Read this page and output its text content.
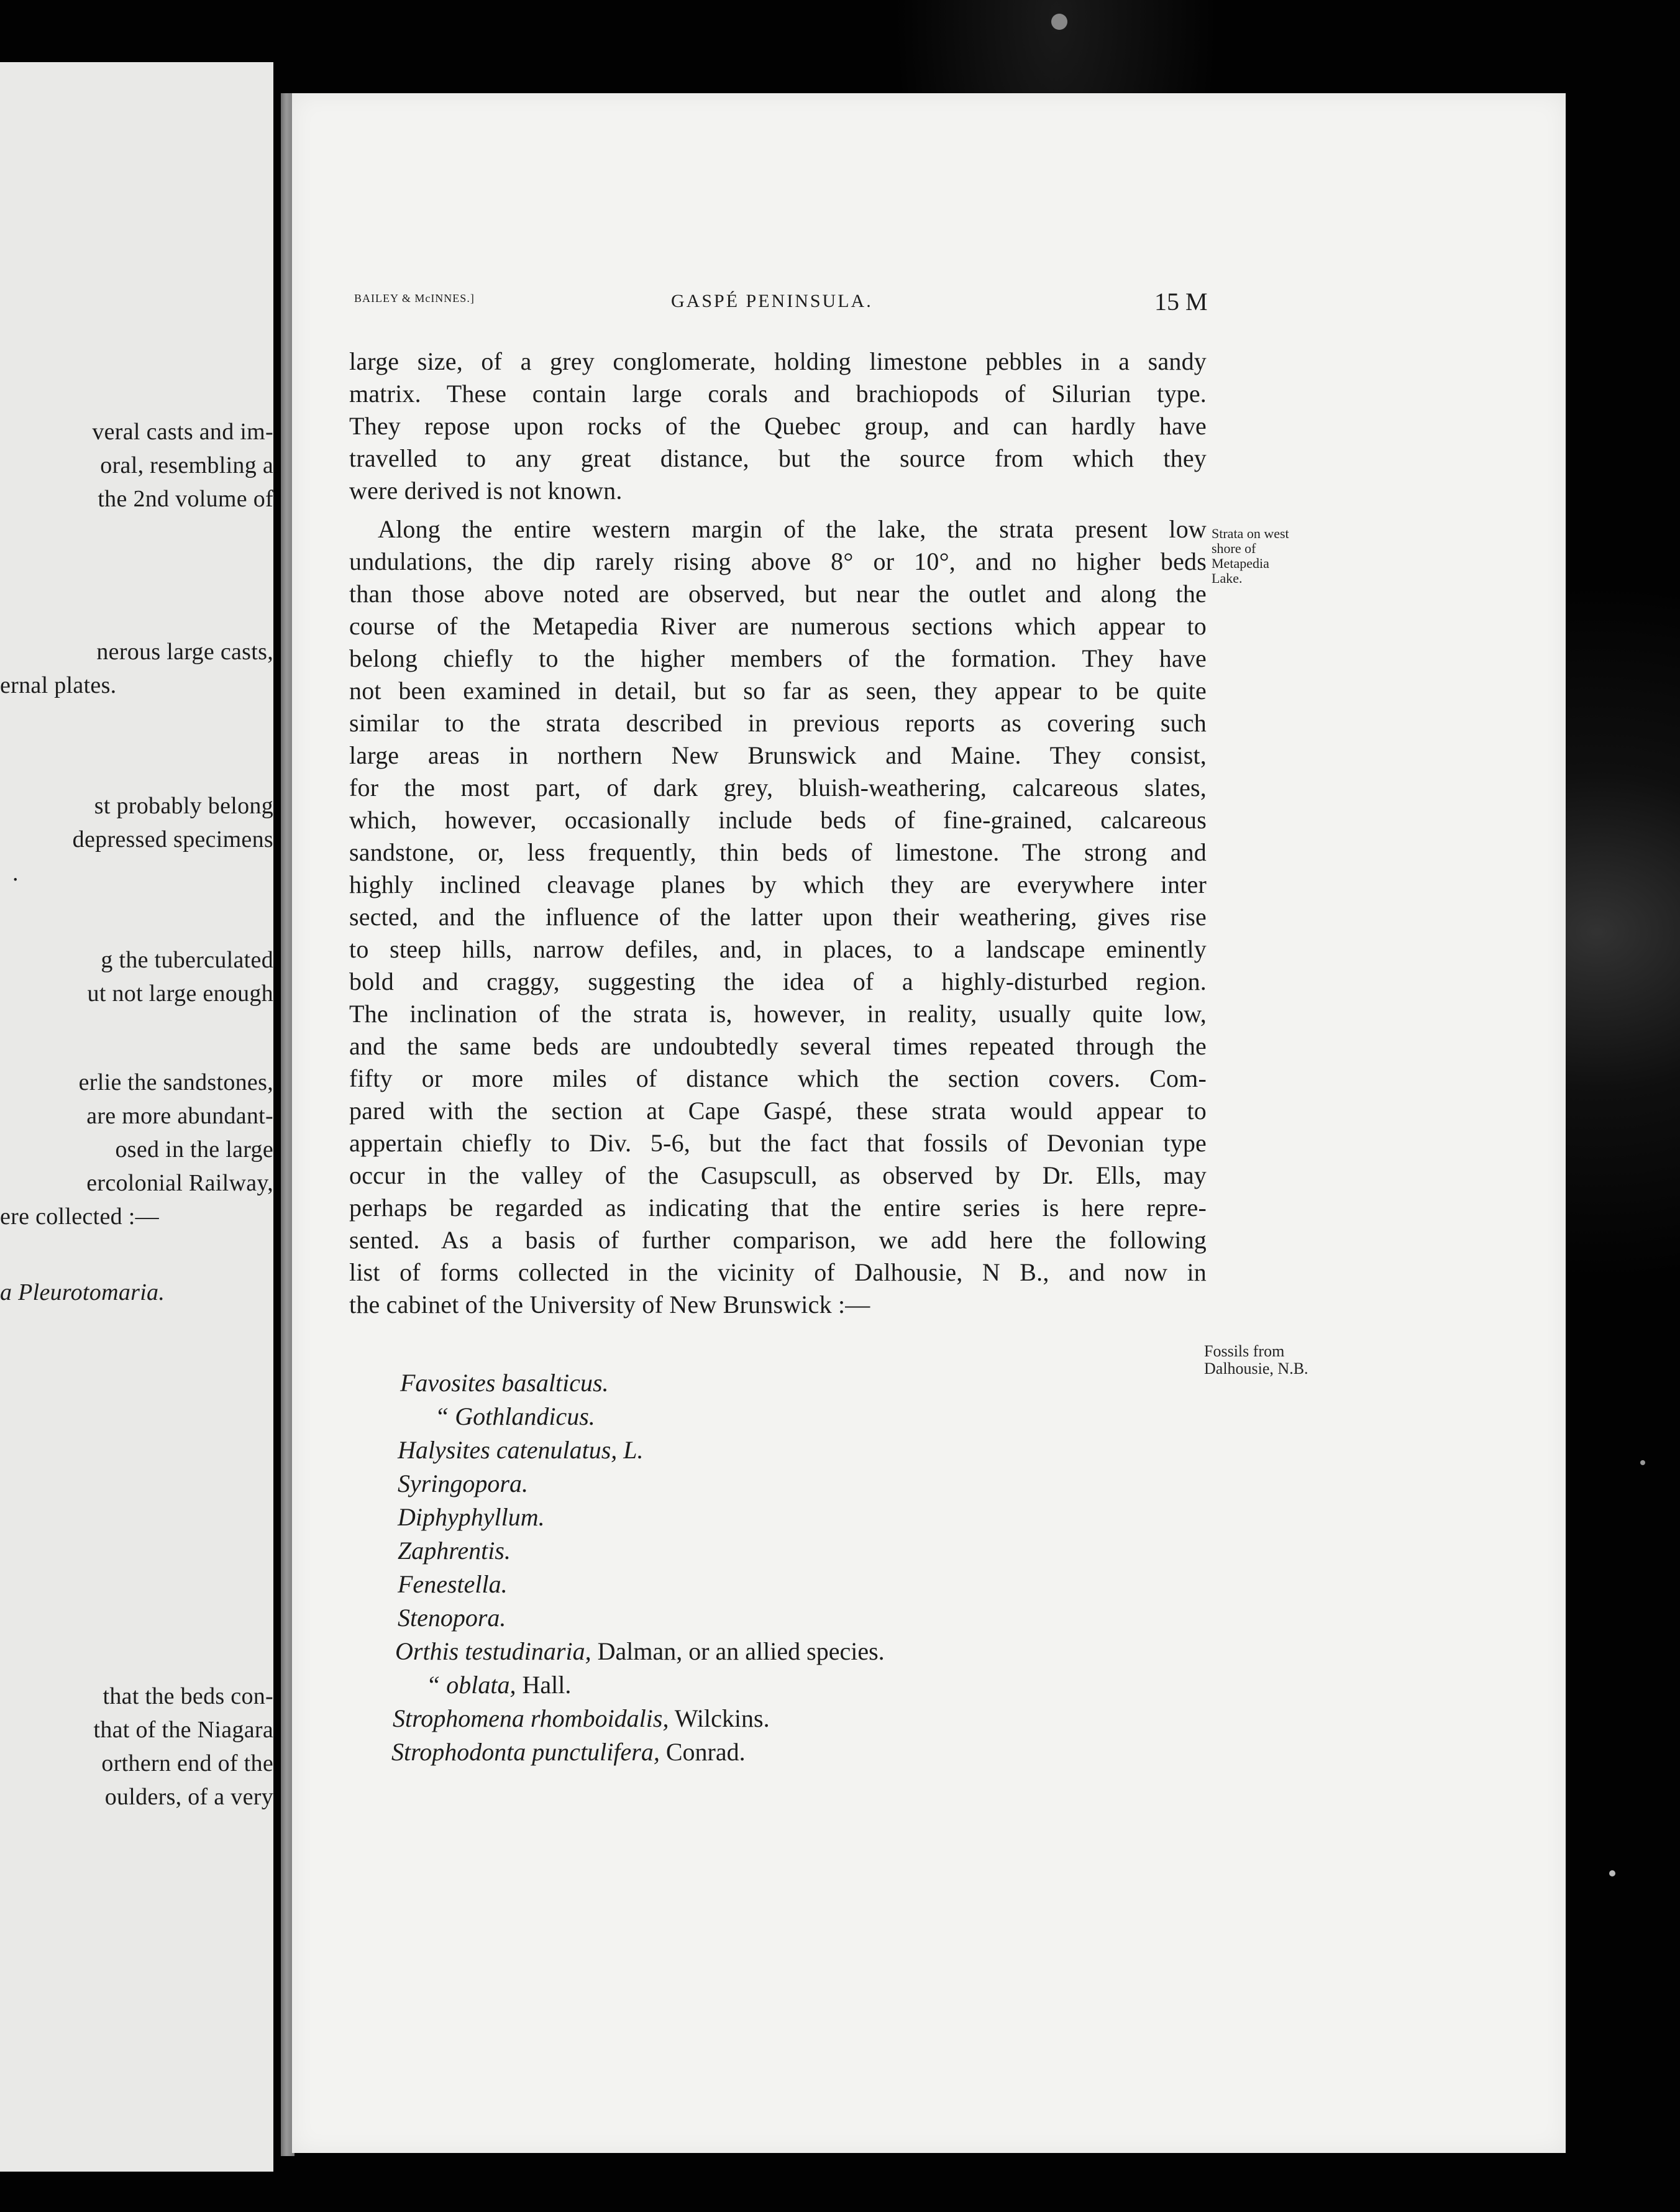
veral casts and im-
oral, resembling a
the 2nd volume of
nerous large casts,
ernal plates.
st probably belong
depressed specimens
.
g the tuberculated
ut not large enough
erlie the sandstones,
are more abundant-
osed in the large
ercolonial Railway,
ere collected :—
a Pleurotomaria.
that the beds con-
that of the Niagara
orthern end of the
oulders, of a very
BAILEY & McINNES.]	GASPÉ PENINSULA.	15 M
large size, of a grey conglomerate, holding limestone pebbles in a sandy
matrix. These contain large corals and brachiopods of Silurian type.
They repose upon rocks of the Quebec group, and can hardly have
travelled to any great distance, but the source from which they
were derived is not known.
Along the entire western margin of the lake, the strata present low
undulations, the dip rarely rising above 8° or 10°, and no higher beds
than those above noted are observed, but near the outlet and along the
course of the Metapedia River are numerous sections which appear to
belong chiefly to the higher members of the formation. They have
not been examined in detail, but so far as seen, they appear to be quite
similar to the strata described in previous reports as covering such
large areas in northern New Brunswick and Maine. They consist,
for the most part, of dark grey, bluish-weathering, calcareous slates,
which, however, occasionally include beds of fine-grained, calcareous
sandstone, or, less frequently, thin beds of limestone. The strong and
highly inclined cleavage planes by which they are everywhere inter
sected, and the influence of the latter upon their weathering, gives rise
to steep hills, narrow defiles, and, in places, to a landscape eminently
bold and craggy, suggesting the idea of a highly-disturbed region.
The inclination of the strata is, however, in reality, usually quite low,
and the same beds are undoubtedly several times repeated through the
fifty or more miles of distance which the section covers. Com-
pared with the section at Cape Gaspé, these strata would appear to
appertain chiefly to Div. 5-6, but the fact that fossils of Devonian type
occur in the valley of the Casupscull, as observed by Dr. Ells, may
perhaps be regarded as indicating that the entire series is here repre-
sented. As a basis of further comparison, we add here the following
list of forms collected in the vicinity of Dalhousie, N B., and now in
the cabinet of the University of New Brunswick :—
Strata on west
shore of
Metapedia
Lake.
Fossils from
Dalhousie, N.B.
Favosites basalticus.
“ Gothlandicus.
Halysites catenulatus, L.
Syringopora.
Diphyphyllum.
Zaphrentis.
Fenestella.
Stenopora.
Orthis testudinaria, Dalman, or an allied species.
“ oblata, Hall.
Strophomena rhomboidalis, Wilckins.
Strophodonta punctulifera, Conrad.
